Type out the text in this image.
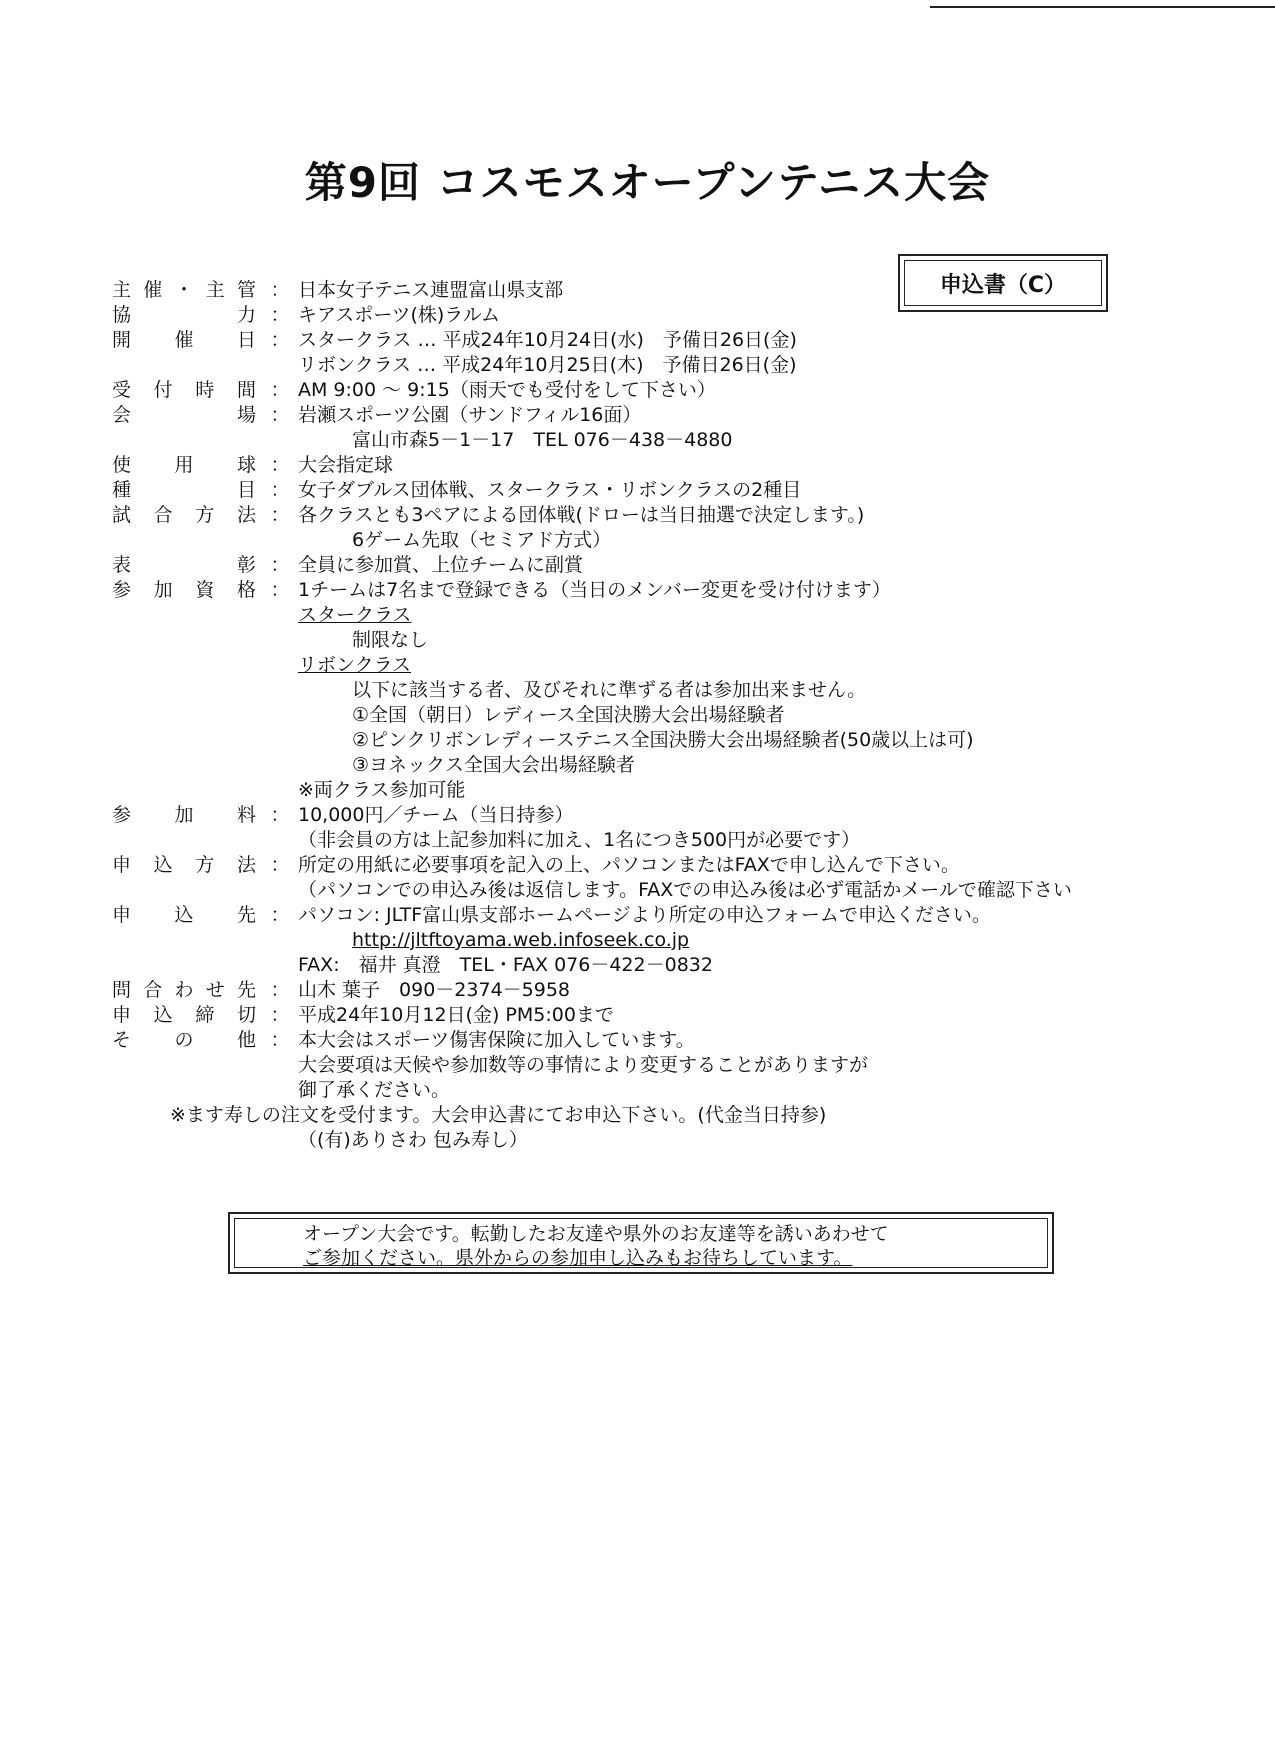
第9回 コスモスオープンテニス大会
申込書（C）
主 催 ・ 主 管 ： 日本女子テニス連盟富山県支部
協	力 ： キアスポーツ(株)ラルム
開 催 日 ： スタークラス … 平成24年10月24日(水)　予備日26日(金)
リボンクラス … 平成24年10月25日(木)　予備日26日(金)
受 付 時 間 ： AM 9:00 ～ 9:15（雨天でも受付をして下さい）
会	場 ： 岩瀬スポーツ公園（サンドフィル16面）
富山市森5－1－17　TEL 076－438－4880
使 用 球 ： 大会指定球
種	目 ： 女子ダブルス団体戦、スタークラス・リボンクラスの2種目
試 合 方 法 ： 各クラスとも3ペアによる団体戦(ドローは当日抽選で決定します。)
6ゲーム先取（セミアド方式）
表	彰 ： 全員に参加賞、上位チームに副賞
参 加 資 格 ： 1チームは7名まで登録できる（当日のメンバー変更を受け付けます）
スタークラス
制限なし
リボンクラス
以下に該当する者、及びそれに準ずる者は参加出来ません。
①全国（朝日）レディース全国決勝大会出場経験者
②ピンクリボンレディーステニス全国決勝大会出場経験者(50歳以上は可)
③ヨネックス全国大会出場経験者
※両クラス参加可能
参 加 料 ： 10,000円／チーム（当日持参）
（非会員の方は上記参加料に加え、1名につき500円が必要です）
申 込 方 法 ： 所定の用紙に必要事項を記入の上、パソコンまたはFAXで申し込んで下さい。
（パソコンでの申込み後は返信します。FAXでの申込み後は必ず電話かメールで確認下さい
申 込 先 ： パソコン: JLTF富山県支部ホームページより所定の申込フォームで申込ください。
http://jltftoyama.web.infoseek.co.jp
FAX:　福井 真澄　TEL・FAX 076－422－0832
問 合 わ せ 先 ： 山木 葉子　090－2374－5958
申 込 締 切 ： 平成24年10月12日(金) PM5:00まで
そ の 他 ： 本大会はスポーツ傷害保険に加入しています。
大会要項は天候や参加数等の事情により変更することがありますが
御了承ください。
※ます寿しの注文を受付ます。大会申込書にてお申込下さい。(代金当日持参)
（(有)ありさわ 包み寿し）
オープン大会です。転勤したお友達や県外のお友達等を誘いあわせて
ご参加ください。県外からの参加申し込みもお待ちしています。
